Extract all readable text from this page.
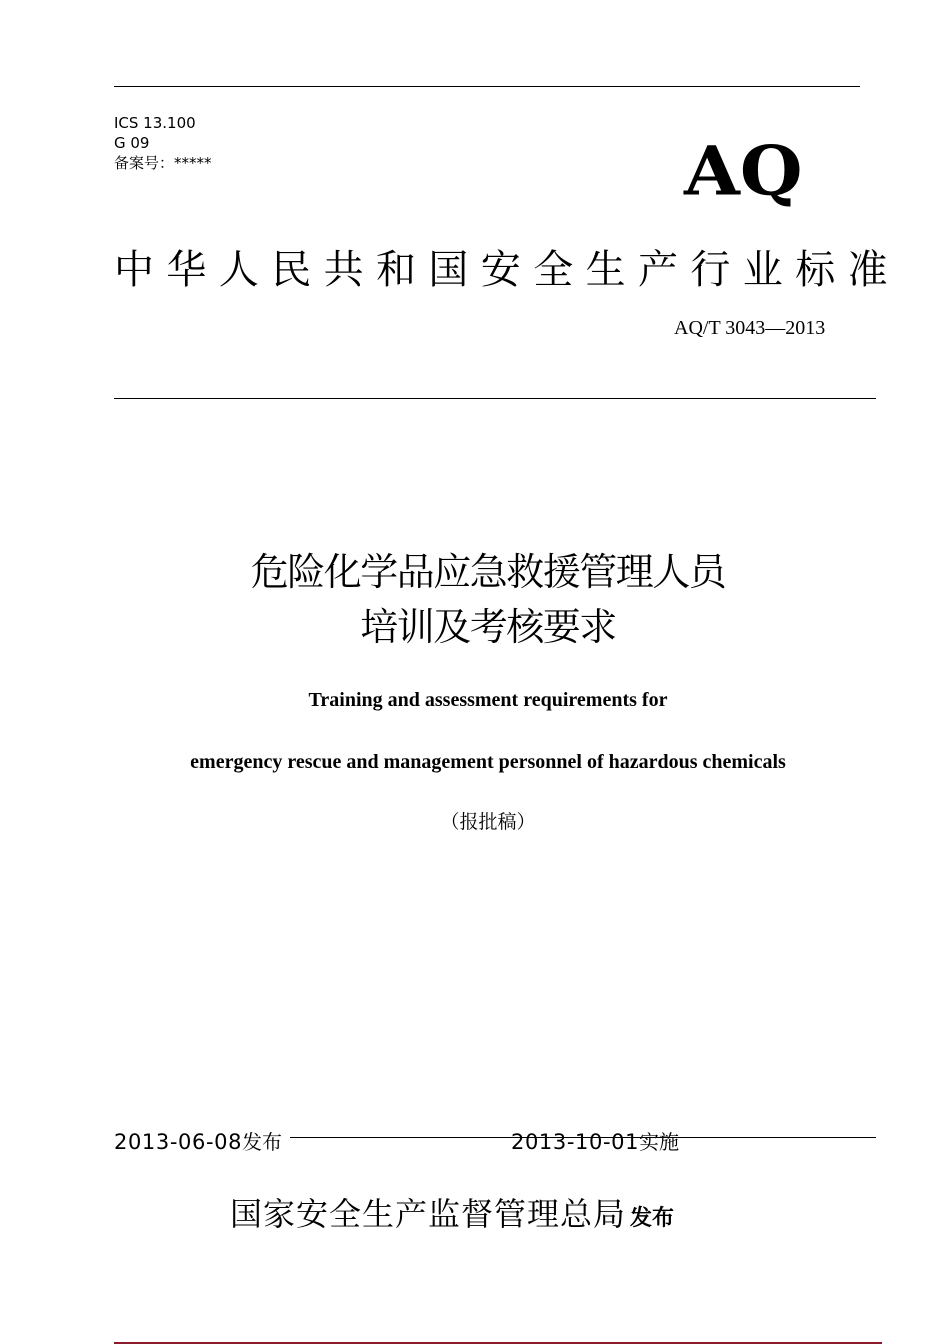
ICS 13.100
G 09
备案号：*****	AQ
中华人民共和国安全生产行业标准
AQ/T 3043—2013
危险化学品应急救援管理人员
培训及考核要求
Training and assessment requirements for
emergency rescue and management personnel of hazardous chemicals
（报批稿）
2013-06-08发布	2013-10-01实施
国家安全生产监督管理总局 发布
